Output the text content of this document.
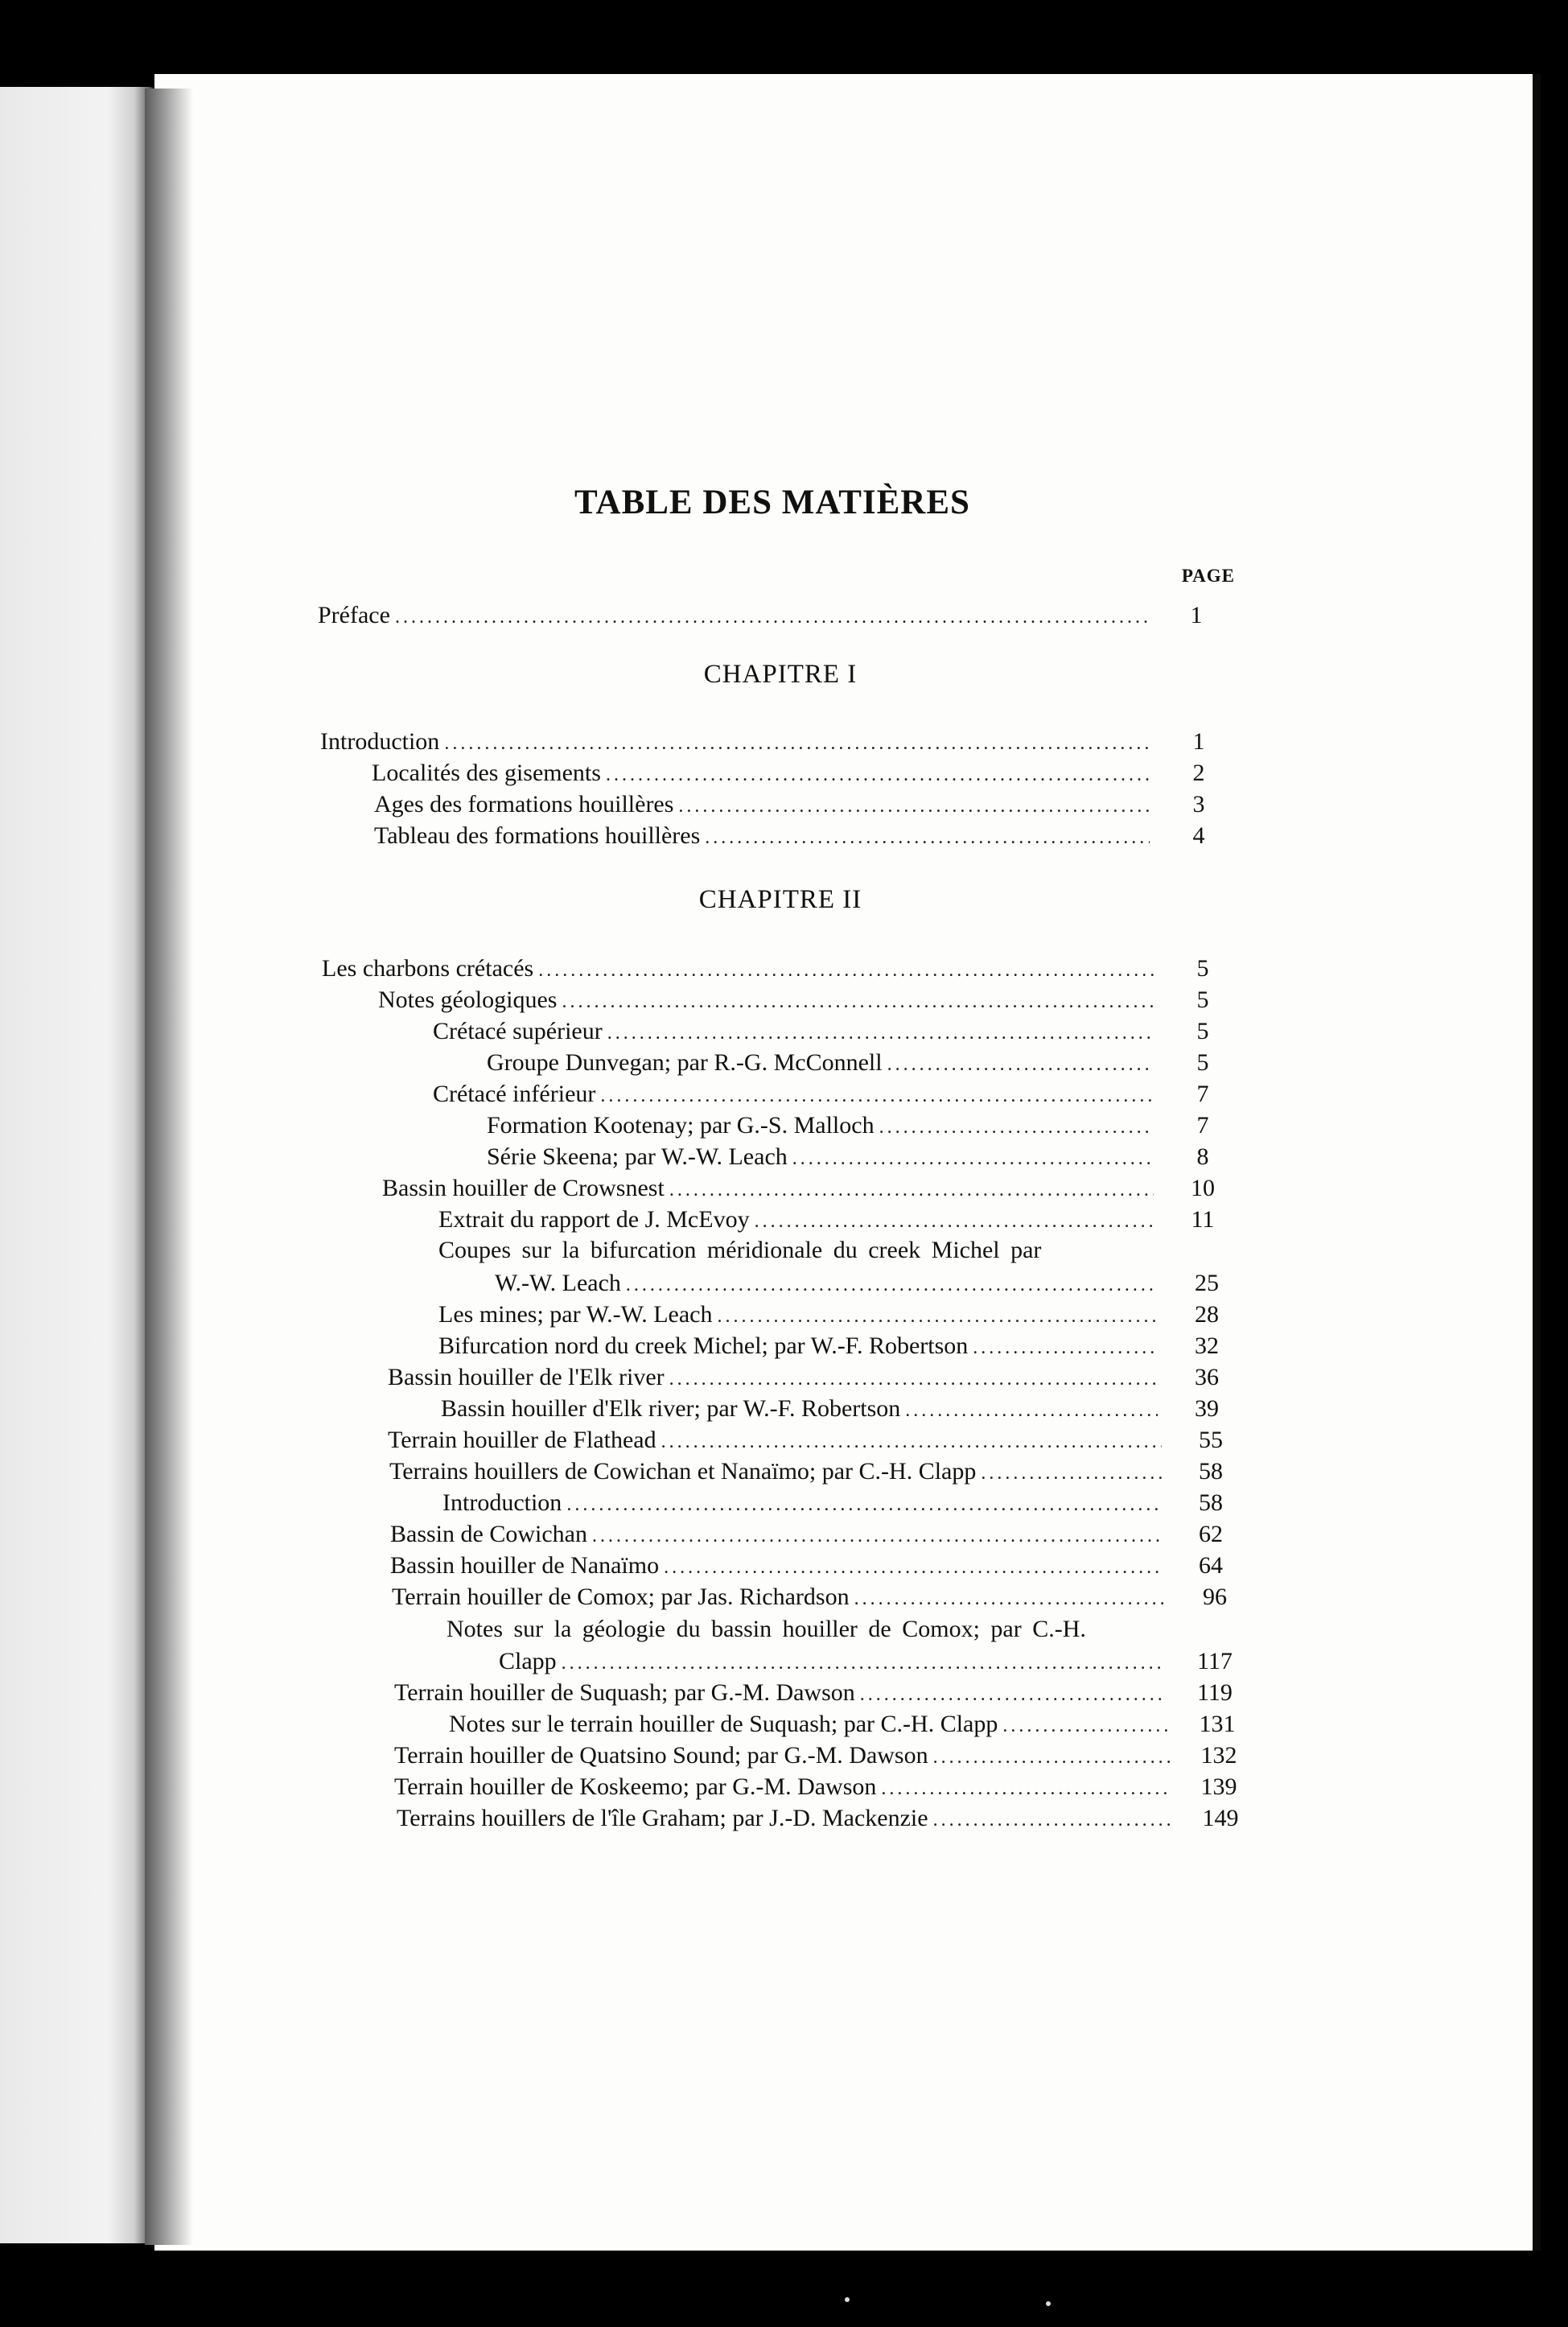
TABLE DES MATIÈRES
PAGE
CHAPITRE I
CHAPITRE II
Préface .....	1
Introduction .....	1
Localités des gisements .....	2
Ages des formations houillères .....	3
Tableau des formations houillères .....	4
Les charbons crétacés .....	5
Notes géologiques .....	5
Crétacé supérieur .....	5
Groupe Dunvegan; par R.-G. McConnell .....	5
Crétacé inférieur .....	7
Formation Kootenay; par G.-S. Malloch .....	7
Série Skeena; par W.-W. Leach .....	8
Bassin houiller de Crowsnest .....	10
Extrait du rapport de J. McEvoy .....	11
Coupes sur la bifurcation méridionale du creek Michel par
W.-W. Leach .....	25
Les mines; par W.-W. Leach .....	28
Bifurcation nord du creek Michel; par W.-F. Robertson .....	32
Bassin houiller de l'Elk river .....	36
Bassin houiller d'Elk river; par W.-F. Robertson .....	39
Terrain houiller de Flathead .....	55
Terrains houillers de Cowichan et Nanaïmo; par C.-H. Clapp .....	58
Introduction .....	58
Bassin de Cowichan .....	62
Bassin houiller de Nanaïmo .....	64
Terrain houiller de Comox; par Jas. Richardson .....	96
Notes sur la géologie du bassin houiller de Comox; par C.-H.
Clapp .....	117
Terrain houiller de Suquash; par G.-M. Dawson .....	119
Notes sur le terrain houiller de Suquash; par C.-H. Clapp .....	131
Terrain houiller de Quatsino Sound; par G.-M. Dawson .....	132
Terrain houiller de Koskeemo; par G.-M. Dawson .....	139
Terrains houillers de l'île Graham; par J.-D. Mackenzie .....	149
